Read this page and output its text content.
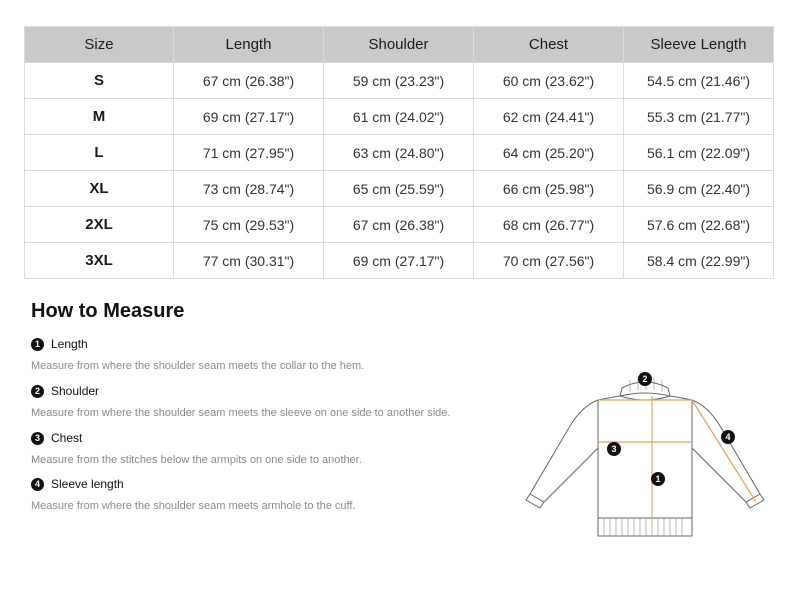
Size	Length	Shoulder	Chest	Sleeve Length
S	67 cm (26.38")	59 cm (23.23")	60 cm (23.62")	54.5 cm (21.46")
M	69 cm (27.17")	61 cm (24.02")	62 cm (24.41")	55.3 cm (21.77")
L	71 cm (27.95")	63 cm (24.80")	64 cm (25.20")	56.1 cm (22.09")
XL	73 cm (28.74")	65 cm (25.59")	66 cm (25.98")	56.9 cm (22.40")
2XL	75 cm (29.53")	67 cm (26.38")	68 cm (26.77")	57.6 cm (22.68")
3XL	77 cm (30.31")	69 cm (27.17")	70 cm (27.56")	58.4 cm (22.99")
How to Measure
1 Length
Measure from where the shoulder seam meets the collar to the hem.
2 Shoulder
Measure from where the shoulder seam meets the sleeve on one side to another side.
3 Chest
Measure from the stitches below the armpits on one side to another.
4 Sleeve length
Measure from where the shoulder seam meets armhole to the cuff.
2
3
1
4
